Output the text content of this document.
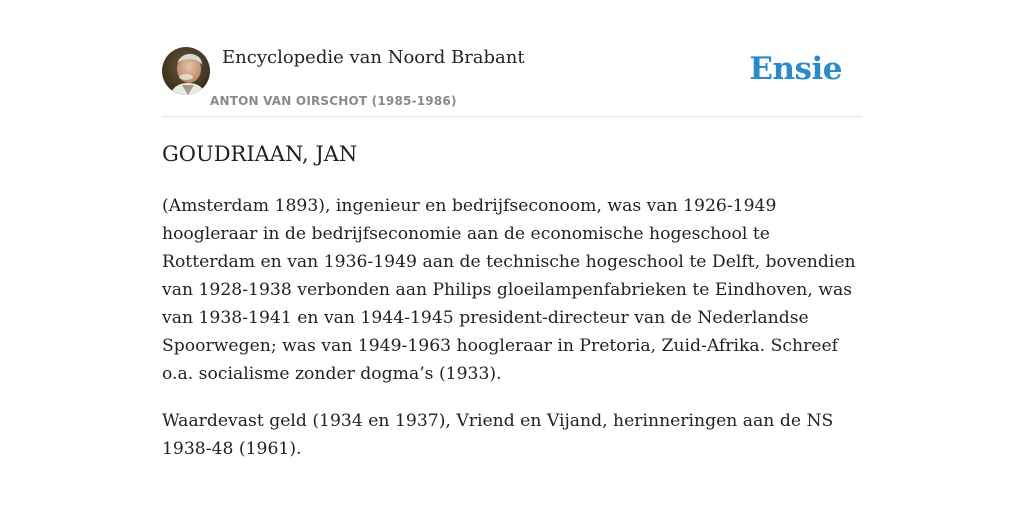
Encyclopedie van Noord Brabant
ANTON VAN OIRSCHOT (1985-1986)
Ensie
GOUDRIAAN, JAN

(Amsterdam 1893), ingenieur en bedrijfseconoom, was van 1926-1949 hoogleraar in de bedrijfseconomie aan de economische hogeschool te Rotterdam en van 1936-1949 aan de technische hogeschool te Delft, bovendien van 1928-1938 verbonden aan Philips gloeilampenfabrieken te Eindhoven, was van 1938-1941 en van 1944-1945 president-directeur van de Nederlandse Spoorwegen; was van 1949-1963 hoogleraar in Pretoria, Zuid-Afrika. Schreef o.a. socialisme zonder dogma’s (1933).

Waardevast geld (1934 en 1937), Vriend en Vijand, herinneringen aan de NS 1938-48 (1961).
